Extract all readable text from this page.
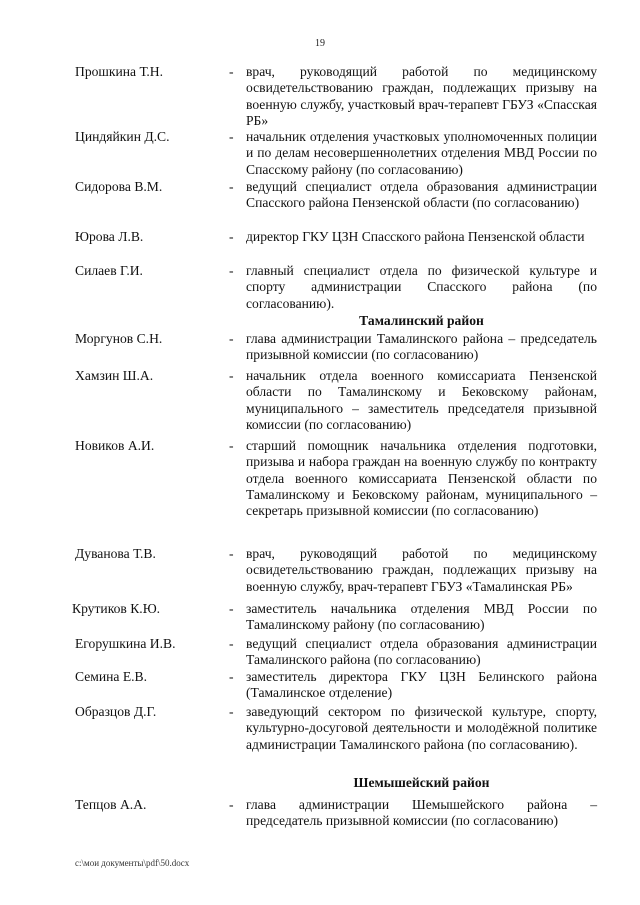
19
Прошкина Т.Н.	- врач, руководящий работой по медицинскому освидетельствованию граждан, подлежащих призыву на военную службу, участковый врач-терапевт ГБУЗ «Спасская РБ»
Циндяйкин Д.С.	- начальник отделения участковых уполномоченных полиции и по делам несовершеннолетних отделения МВД России по Спасскому району (по согласованию)
Сидорова В.М.	- ведущий специалист отдела образования администрации Спасского района Пензенской области (по согласованию)
Юрова Л.В.	- директор ГКУ ЦЗН Спасского района Пензенской области
Силаев Г.И.	- главный специалист отдела по физической культуре и спорту администрации Спасского района (по согласованию).
Тамалинский район
Моргунов С.Н.	- глава администрации Тамалинского района – председатель призывной комиссии (по согласованию)
Хамзин Ш.А.	- начальник отдела военного комиссариата Пензенской области по Тамалинскому и Бековскому районам, муниципального – заместитель председателя призывной комиссии (по согласованию)
Новиков А.И.	- старший помощник начальника отделения подготовки, призыва и набора граждан на военную службу по контракту отдела военного комиссариата Пензенской области по Тамалинскому и Бековскому районам, муниципального – секретарь призывной комиссии (по согласованию)
Дуванова Т.В.	- врач, руководящий работой по медицинскому освидетельствованию граждан, подлежащих призыву на военную службу, врач-терапевт ГБУЗ «Тамалинская РБ»
Крутиков К.Ю.	- заместитель начальника отделения МВД России по Тамалинскому району (по согласованию)
Егорушкина И.В.	- ведущий специалист отдела образования администрации Тамалинского района (по согласованию)
Семина Е.В.	- заместитель директора ГКУ ЦЗН Белинского района (Тамалинское отделение)
Образцов Д.Г.	- заведующий сектором по физической культуре, спорту, культурно-досуговой деятельности и молодёжной политике администрации Тамалинского района (по согласованию).
Шемышейский район
Тепцов А.А.	- глава администрации Шемышейского района – председатель призывной комиссии (по согласованию)
c:\мои документы\pdf\50.docx
